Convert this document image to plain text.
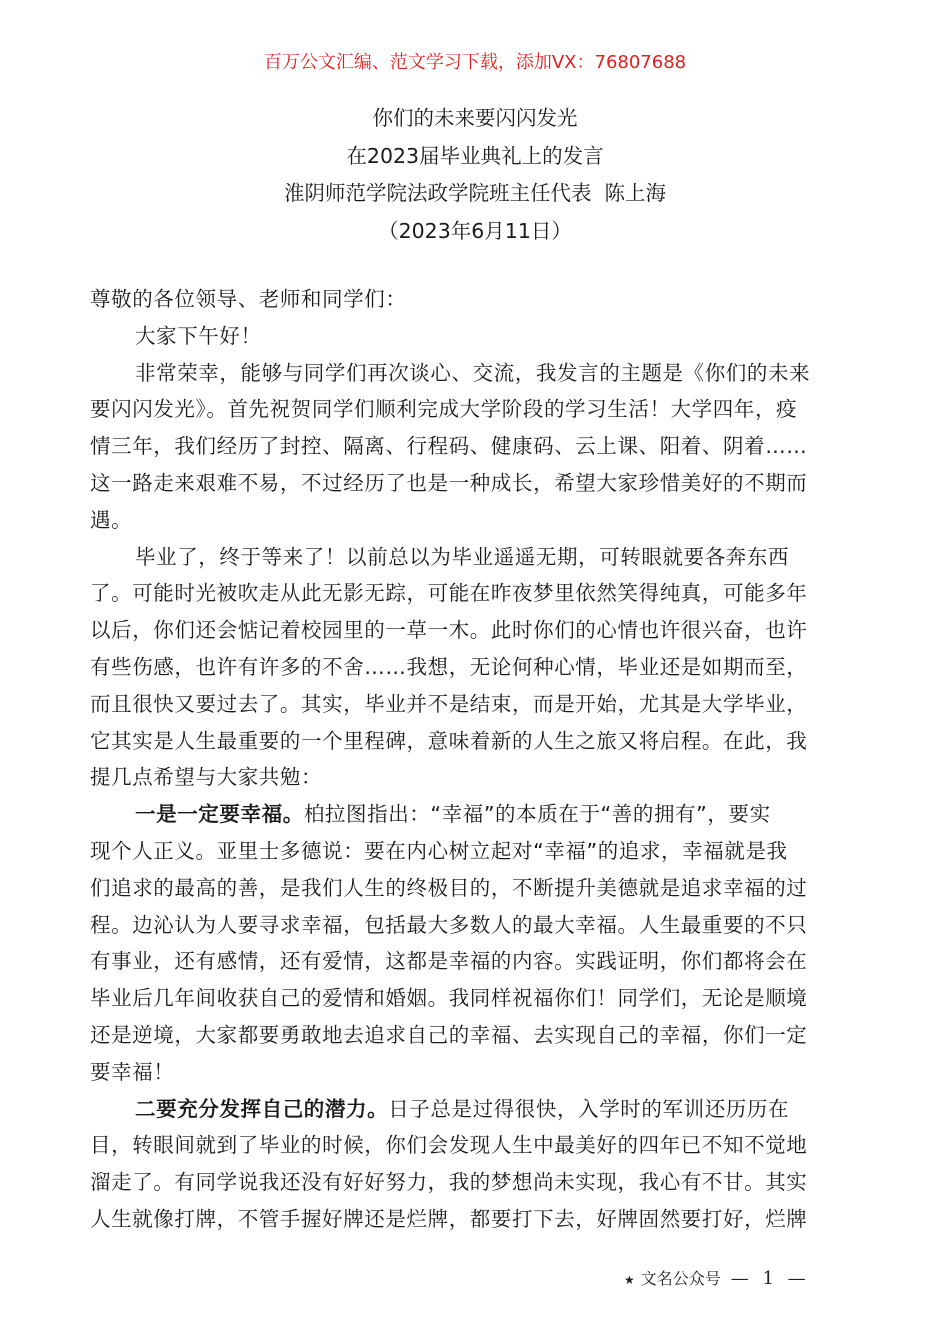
百万公文汇编、范文学习下载，添加VX：76807688
你们的未来要闪闪发光
在2023届毕业典礼上的发言
淮阴师范学院法政学院班主任代表  陈上海
（2023年6月11日）
尊敬的各位领导、老师和同学们：
大家下午好！
非常荣幸，能够与同学们再次谈心、交流，我发言的主题是《你们的未来
要闪闪发光》。首先祝贺同学们顺利完成大学阶段的学习生活！大学四年，疫
情三年，我们经历了封控、隔离、行程码、健康码、云上课、阳着、阴着……
这一路走来艰难不易，不过经历了也是一种成长，希望大家珍惜美好的不期而
遇。
毕业了，终于等来了！以前总以为毕业遥遥无期，可转眼就要各奔东西
了。可能时光被吹走从此无影无踪，可能在昨夜梦里依然笑得纯真，可能多年
以后，你们还会惦记着校园里的一草一木。此时你们的心情也许很兴奋，也许
有些伤感，也许有许多的不舍……我想，无论何种心情，毕业还是如期而至，
而且很快又要过去了。其实，毕业并不是结束，而是开始，尤其是大学毕业，
它其实是人生最重要的一个里程碑，意味着新的人生之旅又将启程。在此，我
提几点希望与大家共勉：
一是一定要幸福。柏拉图指出：“幸福”的本质在于“善的拥有”，要实
现个人正义。亚里士多德说：要在内心树立起对“幸福”的追求，幸福就是我
们追求的最高的善，是我们人生的终极目的，不断提升美德就是追求幸福的过
程。边沁认为人要寻求幸福，包括最大多数人的最大幸福。人生最重要的不只
有事业，还有感情，还有爱情，这都是幸福的内容。实践证明，你们都将会在
毕业后几年间收获自己的爱情和婚姻。我同样祝福你们！同学们，无论是顺境
还是逆境，大家都要勇敢地去追求自己的幸福、去实现自己的幸福，你们一定
要幸福！
二要充分发挥自己的潜力。日子总是过得很快，入学时的军训还历历在
目，转眼间就到了毕业的时候，你们会发现人生中最美好的四年已不知不觉地
溜走了。有同学说我还没有好好努力，我的梦想尚未实现，我心有不甘。其实
人生就像打牌，不管手握好牌还是烂牌，都要打下去，好牌固然要打好，烂牌
★ 文名公众号 — 1 —
